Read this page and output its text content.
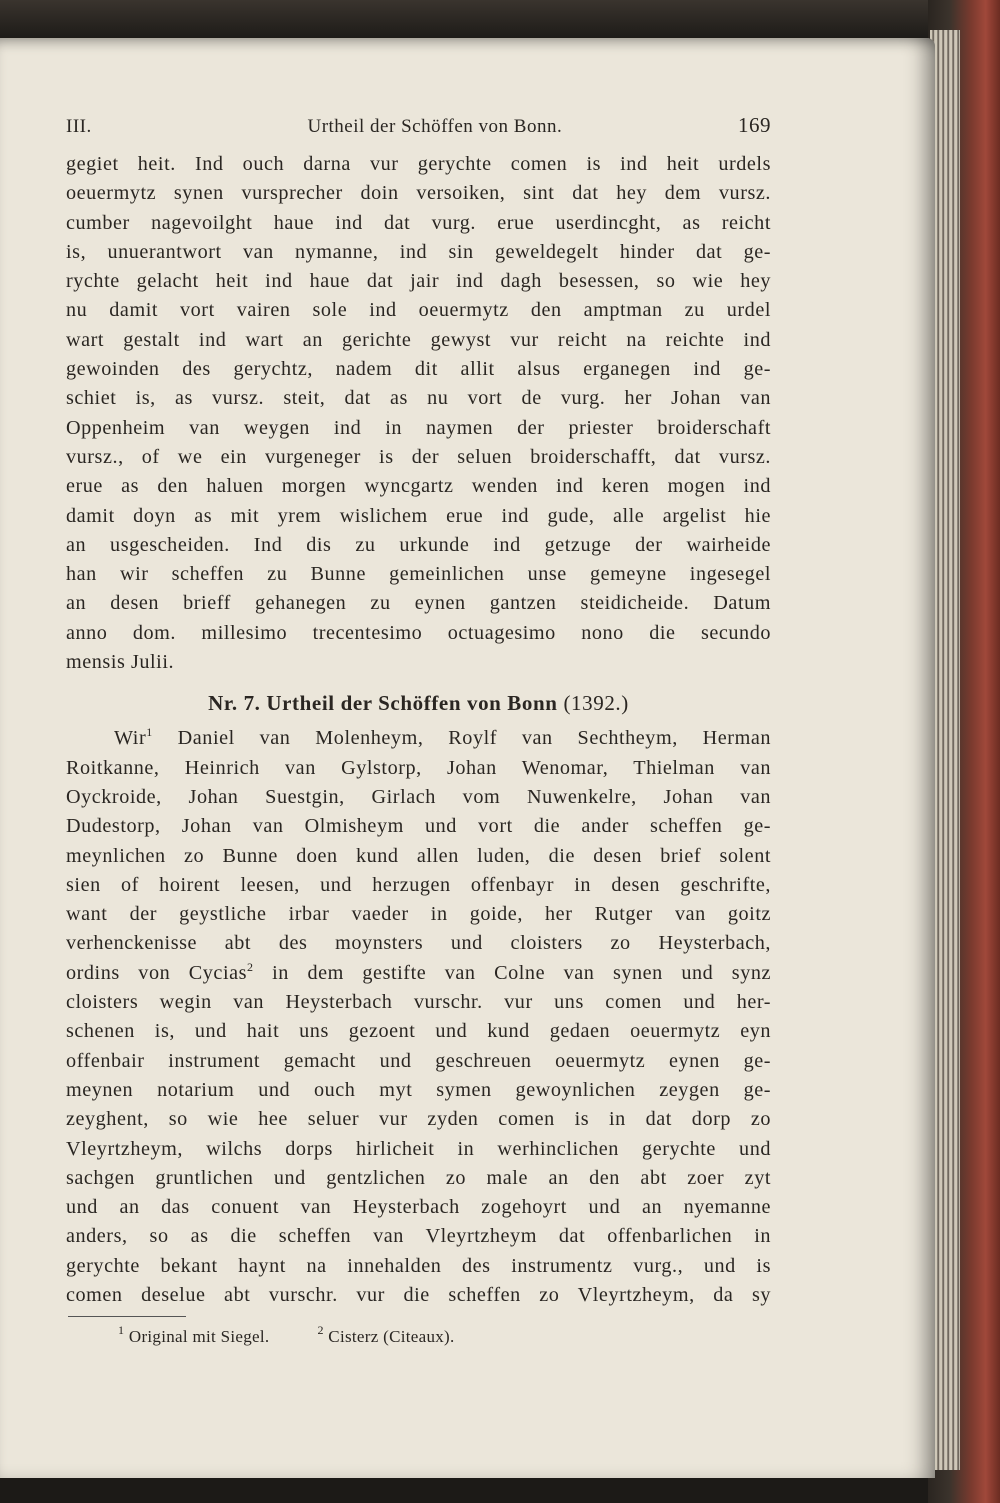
III.	Urtheil der Schöffen von Bonn.	169
gegiet heit. Ind ouch darna vur gerychte comen is ind heit urdels
oeuermytz synen vursprecher doin versoiken, sint dat hey dem vursz.
cumber nagevoilght haue ind dat vurg. erue userdincght, as reicht
is, unuerantwort van nymanne, ind sin geweldegelt hinder dat ge-
rychte gelacht heit ind haue dat jair ind dagh besessen, so wie hey
nu damit vort vairen sole ind oeuermytz den amptman zu urdel
wart gestalt ind wart an gerichte gewyst vur reicht na reichte ind
gewoinden des gerychtz, nadem dit allit alsus erganegen ind ge-
schiet is, as vursz. steit, dat as nu vort de vurg. her Johan van
Oppenheim van weygen ind in naymen der priester broiderschaft
vursz., of we ein vurgeneger is der seluen broiderschafft, dat vursz.
erue as den haluen morgen wyncgartz wenden ind keren mogen ind
damit doyn as mit yrem wislichem erue ind gude, alle argelist hie
an usgescheiden. Ind dis zu urkunde ind getzuge der wairheide
han wir scheffen zu Bunne gemeinlichen unse gemeyne ingesegel
an desen brieff gehanegen zu eynen gantzen steidicheide. Datum
anno dom. millesimo trecentesimo octuagesimo nono die secundo
mensis Julii.
Nr. 7. Urtheil der Schöffen von Bonn (1392.)
Wir$^1$ Daniel van Molenheym, Roylf van Sechtheym, Herman
Roitkanne, Heinrich van Gylstorp, Johan Wenomar, Thielman van
Oyckroide, Johan Suestgin, Girlach vom Nuwenkelre, Johan van
Dudestorp, Johan van Olmisheym und vort die ander scheffen ge-
meynlichen zo Bunne doen kund allen luden, die desen brief solent
sien of hoirent leesen, und herzugen offenbayr in desen geschrifte,
want der geystliche irbar vaeder in goide, her Rutger van goitz
verhenckenisse abt des moynsters und cloisters zo Heysterbach,
ordins von Cycias$^2$ in dem gestifte van Colne van synen und synz
cloisters wegin van Heysterbach vurschr. vur uns comen und her-
schenen is, und hait uns gezoent und kund gedaen oeuermytz eyn
offenbair instrument gemacht und geschreuen oeuermytz eynen ge-
meynen notarium und ouch myt symen gewoynlichen zeygen ge-
zeyghent, so wie hee seluer vur zyden comen is in dat dorp zo
Vleyrtzheym, wilchs dorps hirlicheit in werhinclichen gerychte und
sachgen gruntlichen und gentzlichen zo male an den abt zoer zyt
und an das conuent van Heysterbach zogehoyrt und an nyemanne
anders, so as die scheffen van Vleyrtzheym dat offenbarlichen in
gerychte bekant haynt na innehalden des instrumentz vurg., und is
comen deselue abt vurschr. vur die scheffen zo Vleyrtzheym, da sy
$^1$ Original mit Siegel.	$^2$ Cisterz (Citeaux).
